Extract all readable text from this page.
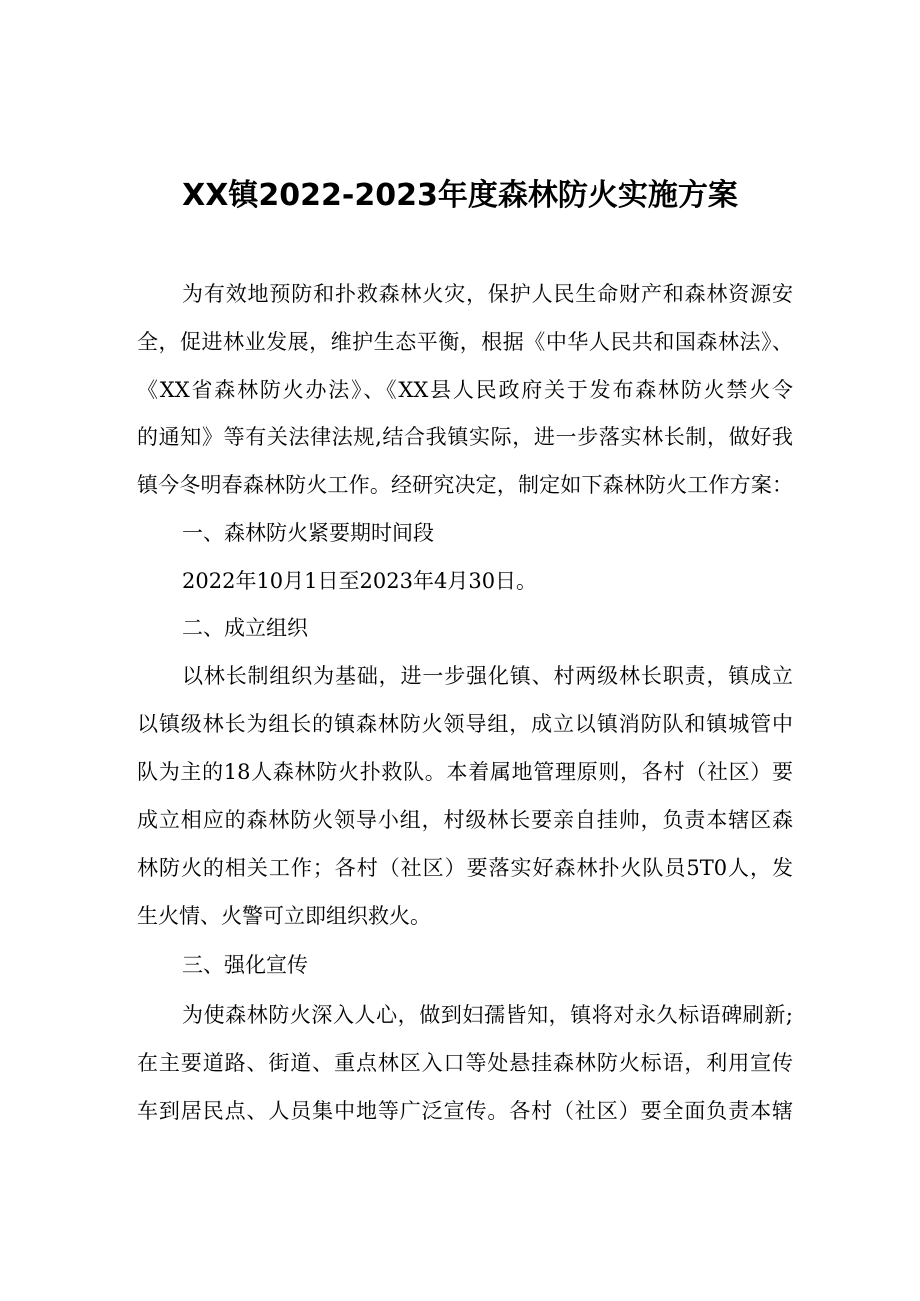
XX镇2022-2023年度森林防火实施方案
为有效地预防和扑救森林火灾，保护人民生命财产和森林资源安
全，促进林业发展，维护生态平衡，根据《中华人民共和国森林法》、
《XX省森林防火办法》、《XX县人民政府关于发布森林防火禁火令
的通知》等有关法律法规,结合我镇实际，进一步落实林长制，做好我
镇今冬明春森林防火工作。经研究决定，制定如下森林防火工作方案：
一、森林防火紧要期时间段
2022年10月1日至2023年4月30日。
二、成立组织
以林长制组织为基础，进一步强化镇、村两级林长职责，镇成立
以镇级林长为组长的镇森林防火领导组，成立以镇消防队和镇城管中
队为主的18人森林防火扑救队。本着属地管理原则，各村（社区）要
成立相应的森林防火领导小组，村级林长要亲自挂帅，负责本辖区森
林防火的相关工作；各村（社区）要落实好森林扑火队员5T0人，发
生火情、火警可立即组织救火。
三、强化宣传
为使森林防火深入人心，做到妇孺皆知，镇将对永久标语碑刷新;
在主要道路、街道、重点林区入口等处悬挂森林防火标语，利用宣传
车到居民点、人员集中地等广泛宣传。各村（社区）要全面负责本辖
